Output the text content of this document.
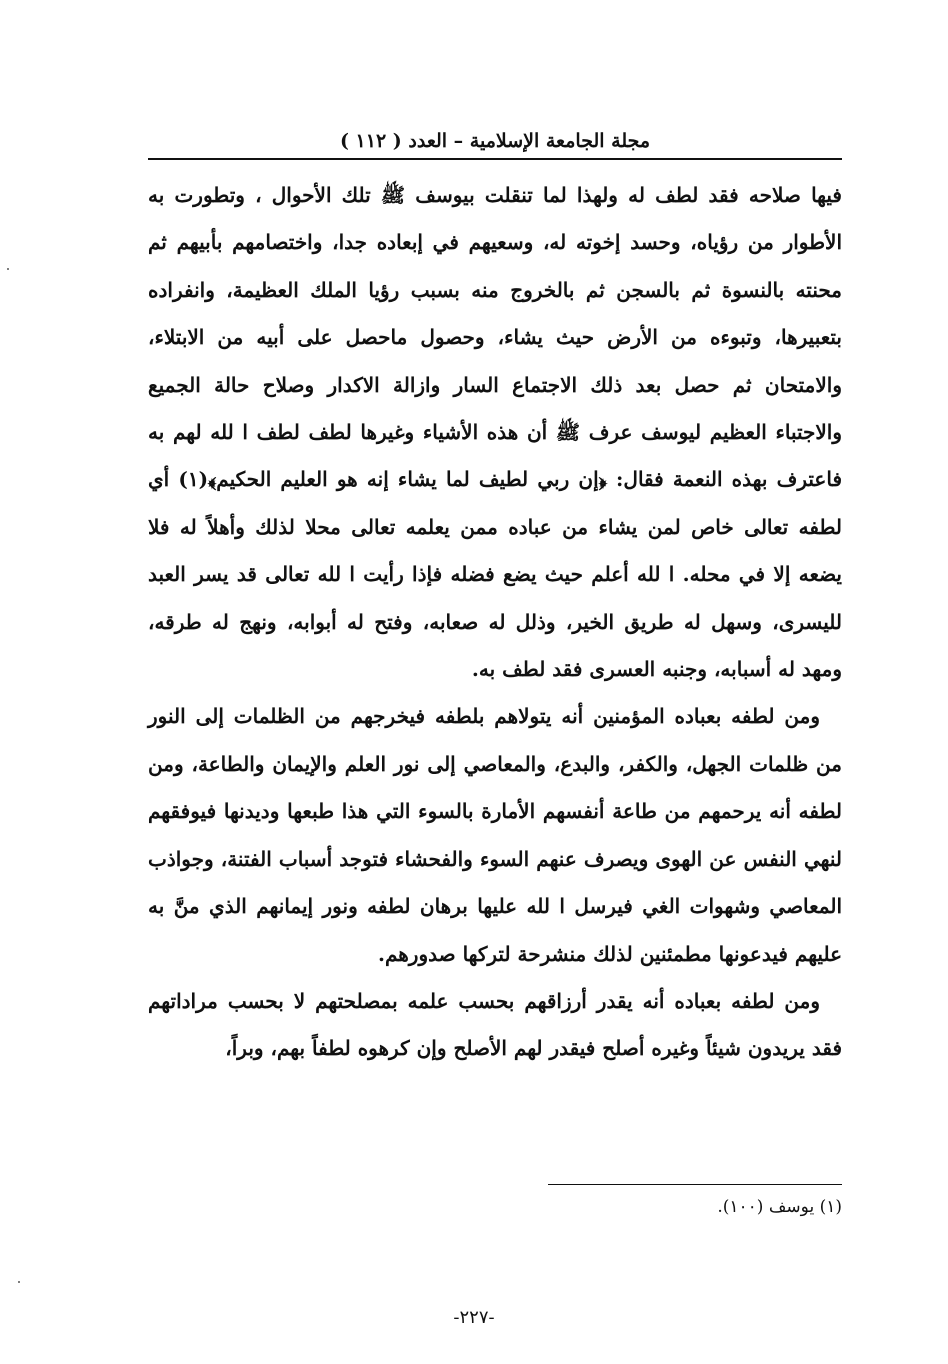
مجلة الجامعة الإسلامية – العدد ( ١١٢ )

فيها صلاحه فقد لطف له ولهذا لما تنقلت بيوسف ﷺ تلك الأحوال ، وتطورت به الأطوار من رؤياه، وحسد إخوته له، وسعيهم في إبعاده جدا، واختصامهم بأبيهم ثم محنته بالنسوة ثم بالسجن ثم بالخروج منه بسبب رؤيا الملك العظيمة، وانفراده بتعبيرها، وتبوءه من الأرض حيث يشاء، وحصول ماحصل على أبيه من الابتلاء، والامتحان ثم حصل بعد ذلك الاجتماع السار وازالة الاكدار وصلاح حالة الجميع والاجتباء العظيم ليوسف عرف ﷺ أن هذه الأشياء وغيرها لطف لطف ا لله لهم به فاعترف بهذه النعمة فقال: ﴿إن ربي لطيف لما يشاء إنه هو العليم الحكيم﴾(١) أي لطفه تعالى خاص لمن يشاء من عباده ممن يعلمه تعالى محلا لذلك وأهلاً له فلا يضعه إلا في محله. ا لله أعلم حيث يضع فضله فإذا رأيت ا لله تعالى قد يسر العبد لليسرى، وسهل له طريق الخير، وذلل له صعابه، وفتح له أبوابه، ونهج له طرقه، ومهد له أسبابه، وجنبه العسرى فقد لطف به.

ومن لطفه بعباده المؤمنين أنه يتولاهم بلطفه فيخرجهم من الظلمات إلى النور من ظلمات الجهل، والكفر، والبدع، والمعاصي إلى نور العلم والإيمان والطاعة، ومن لطفه أنه يرحمهم من طاعة أنفسهم الأمارة بالسوء التي هذا طبعها وديدنها فيوفقهم لنهي النفس عن الهوى ويصرف عنهم السوء والفحشاء فتوجد أسباب الفتنة، وجواذب المعاصي وشهوات الغي فيرسل ا لله عليها برهان لطفه ونور إيمانهم الذي منَّ به عليهم فيدعونها مطمئنين لذلك منشرحة لتركها صدورهم.

ومن لطفه بعباده أنه يقدر أرزاقهم بحسب علمه بمصلحتهم لا بحسب مراداتهم فقد يريدون شيئاً وغيره أصلح فيقدر لهم الأصلح وإن كرهوه لطفاً بهم، وبراً،

(١) يوسف (١٠٠).
-٢٢٧-
